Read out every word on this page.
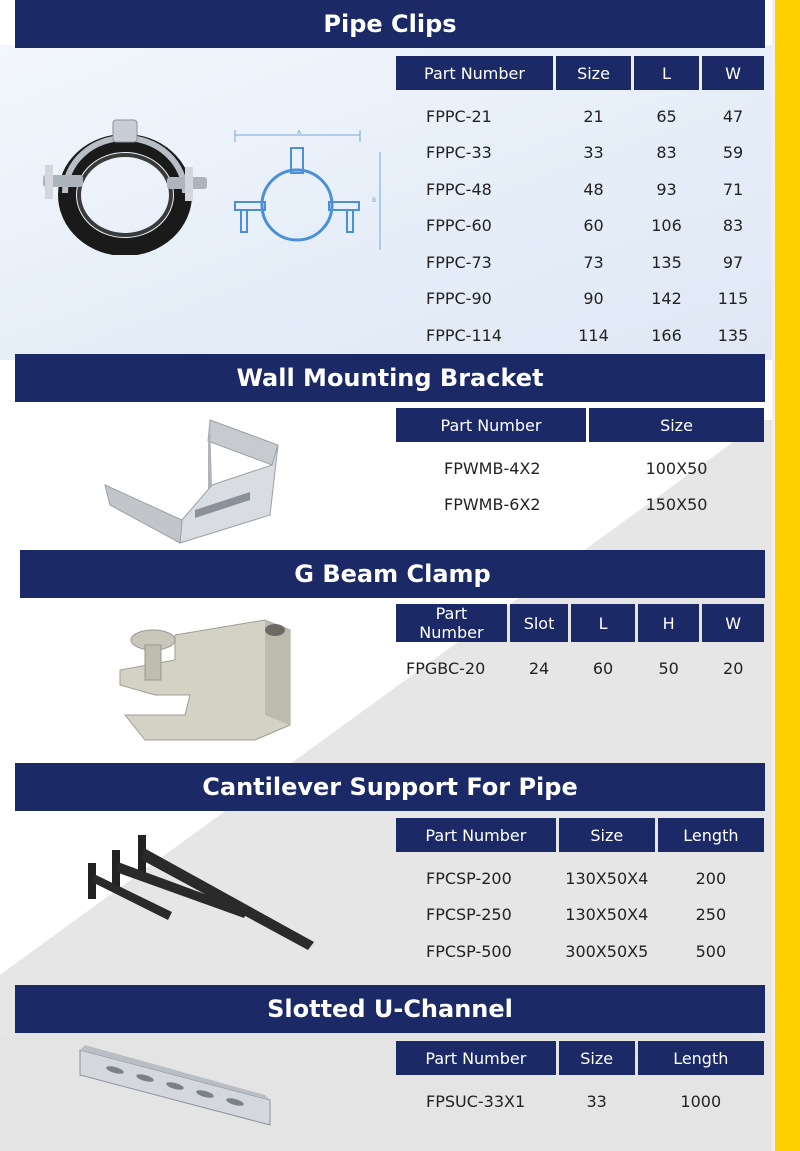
Pipe Clips
A
B
Part Number	Size	L	W

FPPC-21	21	65	47
FPPC-33	33	83	59
FPPC-48	48	93	71
FPPC-60	60	106	83
FPPC-73	73	135	97
FPPC-90	90	142	115
FPPC-114	114	166	135
Wall Mounting Bracket
Part Number	Size

FPWMB-4X2	100X50
FPWMB-6X2	150X50
G Beam Clamp
Part Number	Slot	L	H	W

FPGBC-20	24	60	50	20
Cantilever Support For Pipe
Part Number	Size	Length

FPCSP-200	130X50X4	200
FPCSP-250	130X50X4	250
FPCSP-500	300X50X5	500
Slotted U-Channel
Part Number	Size	Length

FPSUC-33X1	33	1000
